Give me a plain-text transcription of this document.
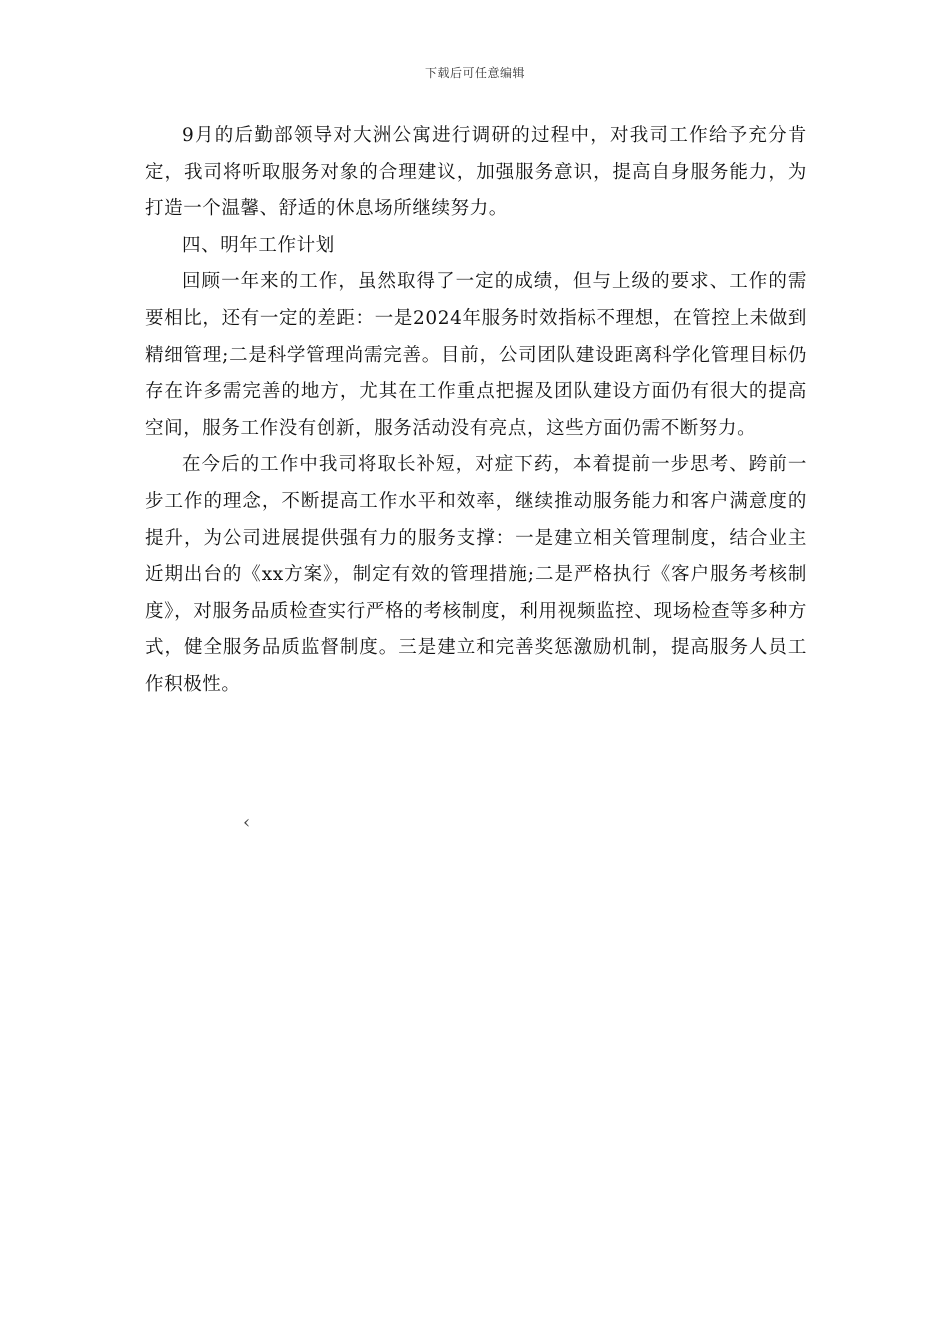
下载后可任意编辑

9月的后勤部领导对大洲公寓进行调研的过程中，对我司工作给予充分肯定，我司将听取服务对象的合理建议，加强服务意识，提高自身服务能力，为打造一个温馨、舒适的休息场所继续努力。

四、明年工作计划

回顾一年来的工作，虽然取得了一定的成绩，但与上级的要求、工作的需要相比，还有一定的差距：一是2024年服务时效指标不理想，在管控上未做到精细管理;二是科学管理尚需完善。目前，公司团队建设距离科学化管理目标仍存在许多需完善的地方，尤其在工作重点把握及团队建设方面仍有很大的提高空间，服务工作没有创新，服务活动没有亮点，这些方面仍需不断努力。

在今后的工作中我司将取长补短，对症下药，本着提前一步思考、跨前一步工作的理念，不断提高工作水平和效率，继续推动服务能力和客户满意度的提升，为公司进展提供强有力的服务支撑：一是建立相关管理制度，结合业主近期出台的《xx方案》，制定有效的管理措施;二是严格执行《客户服务考核制度》，对服务品质检查实行严格的考核制度，利用视频监控、现场检查等多种方式，健全服务品质监督制度。三是建立和完善奖惩激励机制，提高服务人员工作积极性。

‹
